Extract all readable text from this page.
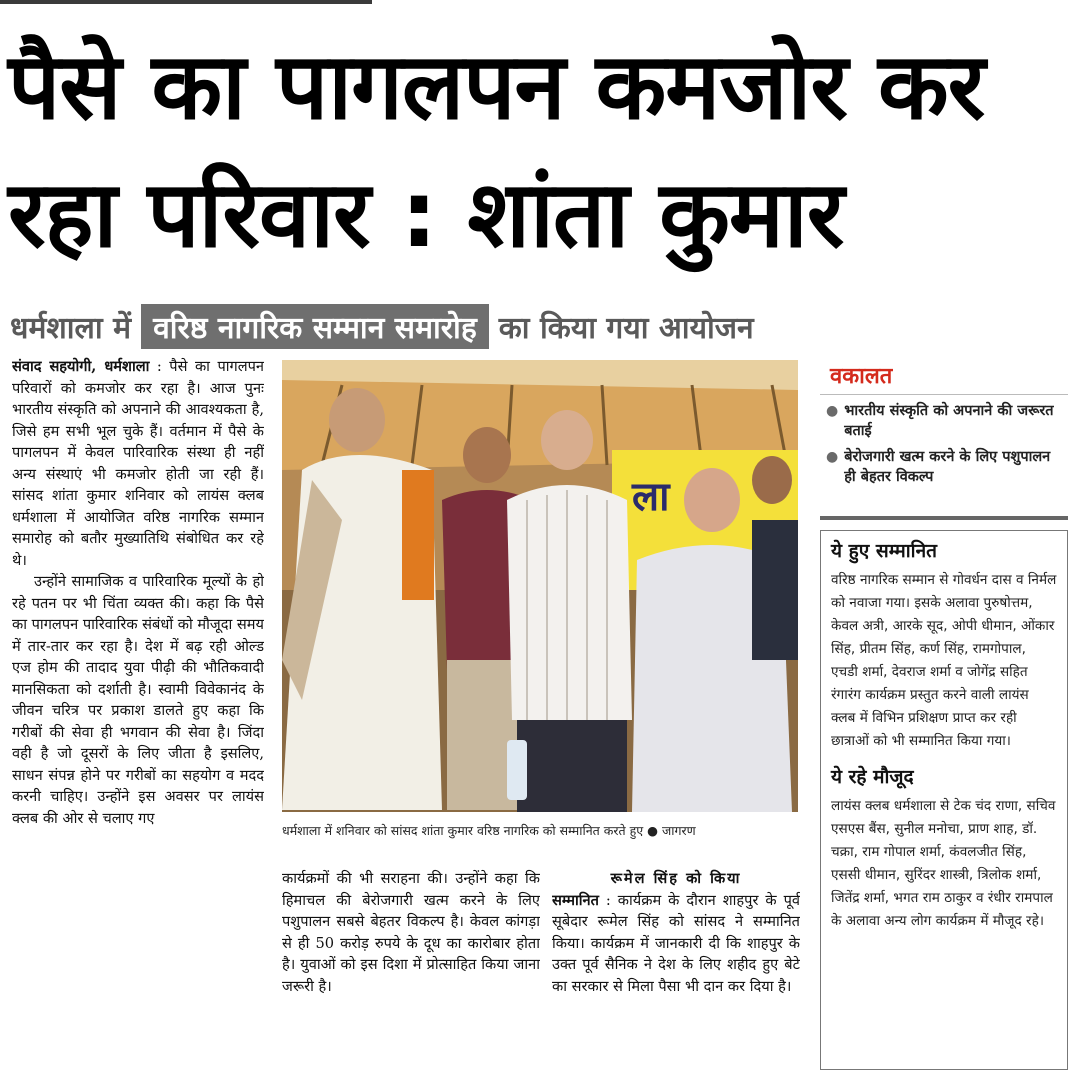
पैसे का पागलपन कमजोर कर
रहा परिवार : शांता कुमार
धर्मशाला में वरिष्ठ नागरिक सम्मान समारोह का किया गया आयोजन

संवाद सहयोगी, धर्मशाला : पैसे का पागलपन परिवारों को कमजोर कर रहा है। आज पुनः भारतीय संस्कृति को अपनाने की आवश्यकता है, जिसे हम सभी भूल चुके हैं। वर्तमान में पैसे के पागलपन में केवल पारिवारिक संस्था ही नहीं अन्य संस्थाएं भी कमजोर होती जा रही हैं। सांसद शांता कुमार शनिवार को लायंस क्लब धर्मशाला में आयोजित वरिष्ठ नागरिक सम्मान समारोह को बतौर मुख्यातिथि संबोधित कर रहे थे।

उन्होंने सामाजिक व पारिवारिक मूल्यों के हो रहे पतन पर भी चिंता व्यक्त की। कहा कि पैसे का पागलपन पारिवारिक संबंधों को मौजूदा समय में तार-तार कर रहा है। देश में बढ़ रही ओल्ड एज होम की तादाद युवा पीढ़ी की भौतिकवादी मानसिकता को दर्शाती है। स्वामी विवेकानंद के जीवन चरित्र पर प्रकाश डालते हुए कहा कि गरीबों की सेवा ही भगवान की सेवा है। जिंदा वही है जो दूसरों के लिए जीता है इसलिए, साधन संपन्न होने पर गरीबों का सहयोग व मदद करनी चाहिए। उन्होंने इस अवसर पर लायंस क्लब की ओर से चलाए गए

ला
धर्मशाला में शनिवार को सांसद शांता कुमार वरिष्ठ नागरिक को सम्मानित करते हुए ● जागरण

कार्यक्रमों की भी सराहना की। उन्होंने कहा कि हिमाचल की बेरोजगारी खत्म करने के लिए पशुपालन सबसे बेहतर विकल्प है। केवल कांगड़ा से ही 50 करोड़ रुपये के दूध का कारोबार होता है। युवाओं को इस दिशा में प्रोत्साहित किया जाना जरूरी है।

रूमेल सिंह को किया

सम्मानित : कार्यक्रम के दौरान शाहपुर के पूर्व सूबेदार रूमेल सिंह को सांसद ने सम्मानित किया। कार्यक्रम में जानकारी दी कि शाहपुर के उक्त पूर्व सैनिक ने देश के लिए शहीद हुए बेटे का सरकार से मिला पैसा भी दान कर दिया है।

वकालत
● भारतीय संस्कृति को अपनाने की जरूरत बताई
● बेरोजगारी खत्म करने के लिए पशुपालन ही बेहतर विकल्प
ये हुए सम्मानित
वरिष्ठ नागरिक सम्मान से गोवर्धन दास व निर्मल को नवाजा गया। इसके अलावा पुरुषोत्तम, केवल अत्री, आरके सूद, ओपी धीमान, ओंकार सिंह, प्रीतम सिंह, कर्ण सिंह, रामगोपाल, एचडी शर्मा, देवराज शर्मा व जोगेंद्र सहित रंगारंग कार्यक्रम प्रस्तुत करने वाली लायंस क्लब में विभिन प्रशिक्षण प्राप्त कर रही छात्राओं को भी सम्मानित किया गया।
ये रहे मौजूद
लायंस क्लब धर्मशाला से टेक चंद राणा, सचिव एसएस बैंस, सुनील मनोचा, प्राण शाह, डॉ. चक्रा, राम गोपाल शर्मा, कंवलजीत सिंह, एससी धीमान, सुरिंदर शास्त्री, त्रिलोक शर्मा, जितेंद्र शर्मा, भगत राम ठाकुर व रंधीर रामपाल के अलावा अन्य लोग कार्यक्रम में मौजूद रहे।
